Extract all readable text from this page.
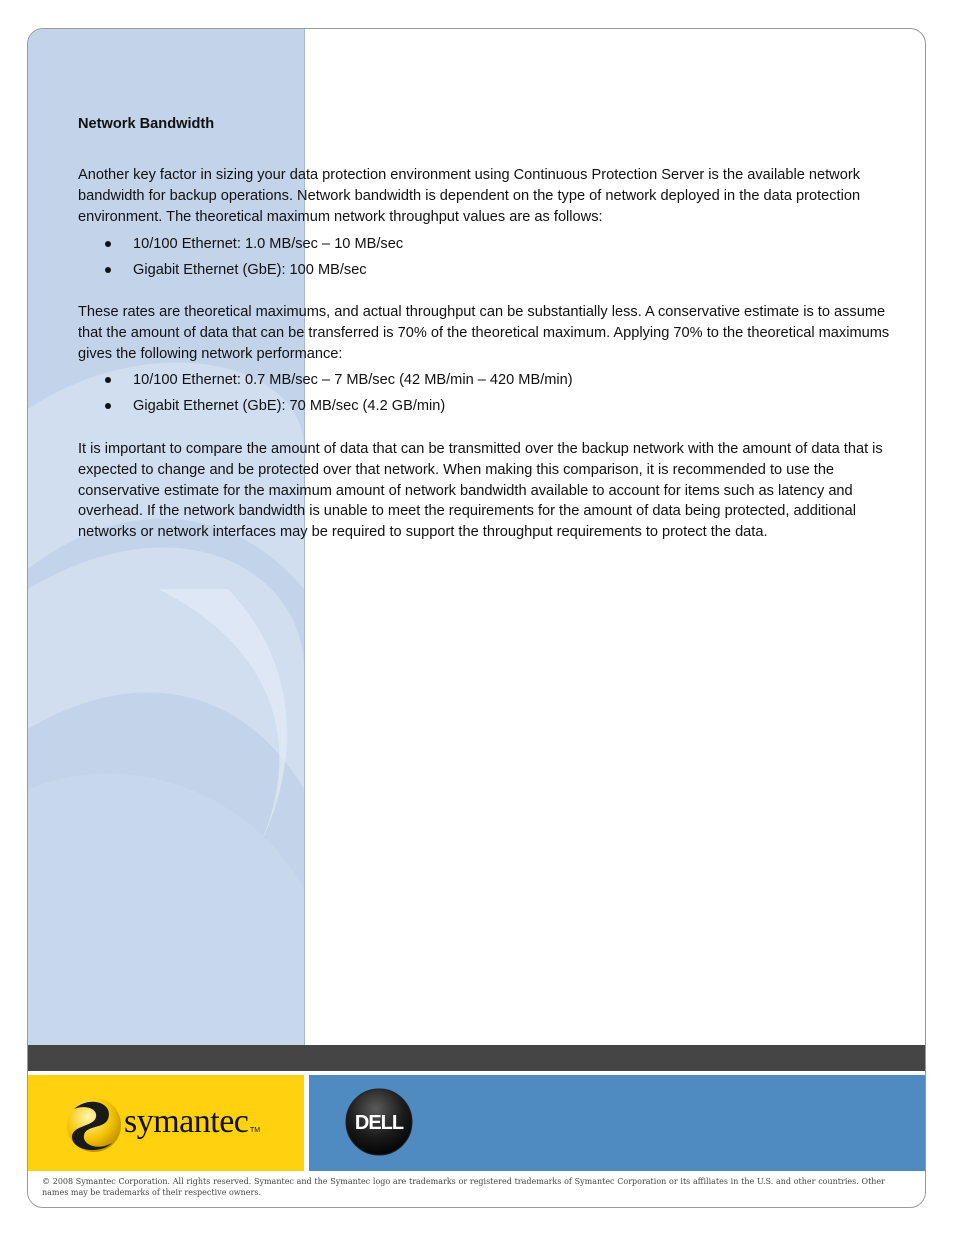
Network Bandwidth

Another key factor in sizing your data protection environment using Continuous Protection Server is the available network bandwidth for backup operations. Network bandwidth is dependent on the type of network deployed in the data protection environment. The theoretical maximum network throughput values are as follows:

10/100 Ethernet: 1.0 MB/sec – 10 MB/sec
Gigabit Ethernet (GbE): 100 MB/sec

These rates are theoretical maximums, and actual throughput can be substantially less. A conservative estimate is to assume that the amount of data that can be transferred is 70% of the theoretical maximum. Applying 70% to the theoretical maximums gives the following network performance:

10/100 Ethernet: 0.7 MB/sec – 7 MB/sec (42 MB/min – 420 MB/min)
Gigabit Ethernet (GbE): 70 MB/sec (4.2 GB/min)

It is important to compare the amount of data that can be transmitted over the backup network with the amount of data that is expected to change and be protected over that network. When making this comparison, it is recommended to use the conservative estimate for the maximum amount of network bandwidth available to account for items such as latency and overhead. If the network bandwidth is unable to meet the requirements for the amount of data being protected, additional networks or network interfaces may be required to support the throughput requirements to protect the data.

symantec TM	DELL
© 2008 Symantec Corporation. All rights reserved. Symantec and the Symantec logo are trademarks or registered trademarks of Symantec Corporation or its affiliates in the U.S. and other countries. Other names may be trademarks of their respective owners.
